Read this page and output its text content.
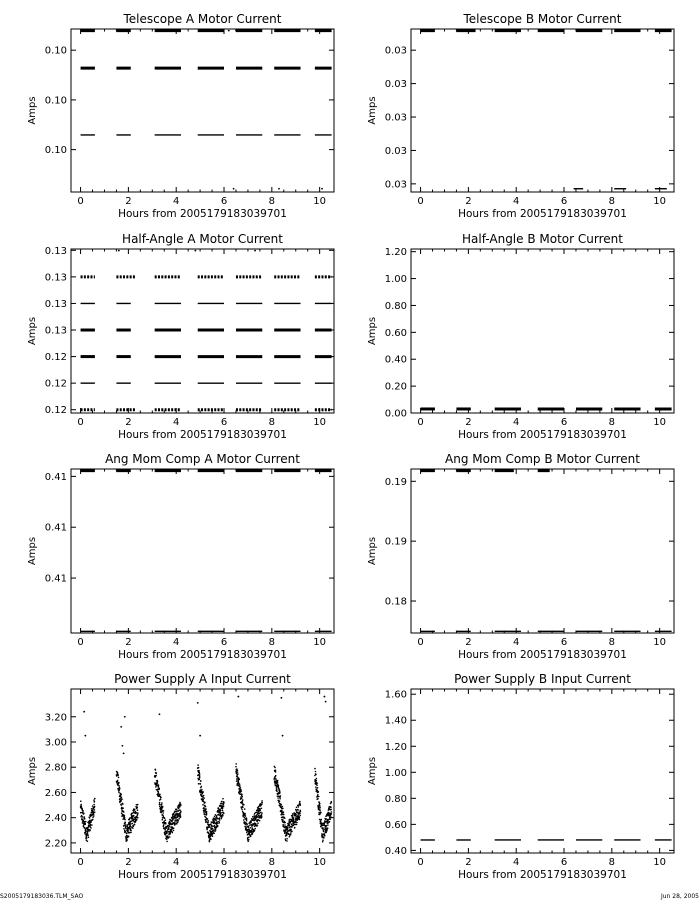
Telescope A Motor Current
Hours from 2005179183039701
Amps
0	2	4	6	8	10
0.10
0.10
0.10
Telescope B Motor Current
Hours from 2005179183039701
Amps
0	2	4	6	8	10
0.03
0.03
0.03
0.03
0.03
Half-Angle A Motor Current
Hours from 2005179183039701
Amps
0	2	4	6	8	10
0.12
0.12
0.12
0.13
0.13
0.13
0.13
Half-Angle B Motor Current
Hours from 2005179183039701
Amps
0	2	4	6	8	10
0.00
0.20
0.40
0.60
0.80
1.00
1.20
Ang Mom Comp A Motor Current
Hours from 2005179183039701
Amps
0	2	4	6	8	10
0.41
0.41
0.41
Ang Mom Comp B Motor Current
Hours from 2005179183039701
Amps
0	2	4	6	8	10
0.18
0.19
0.19
Power Supply A Input Current
Hours from 2005179183039701
Amps
0	2	4	6	8	10
2.20
2.40
2.60
2.80
3.00
3.20
Power Supply B Input Current
Hours from 2005179183039701
Amps
0	2	4	6	8	10
0.40
0.60
0.80
1.00
1.20
1.40
1.60
S2005179183036.TLM_SAO	Jun 28, 2005
